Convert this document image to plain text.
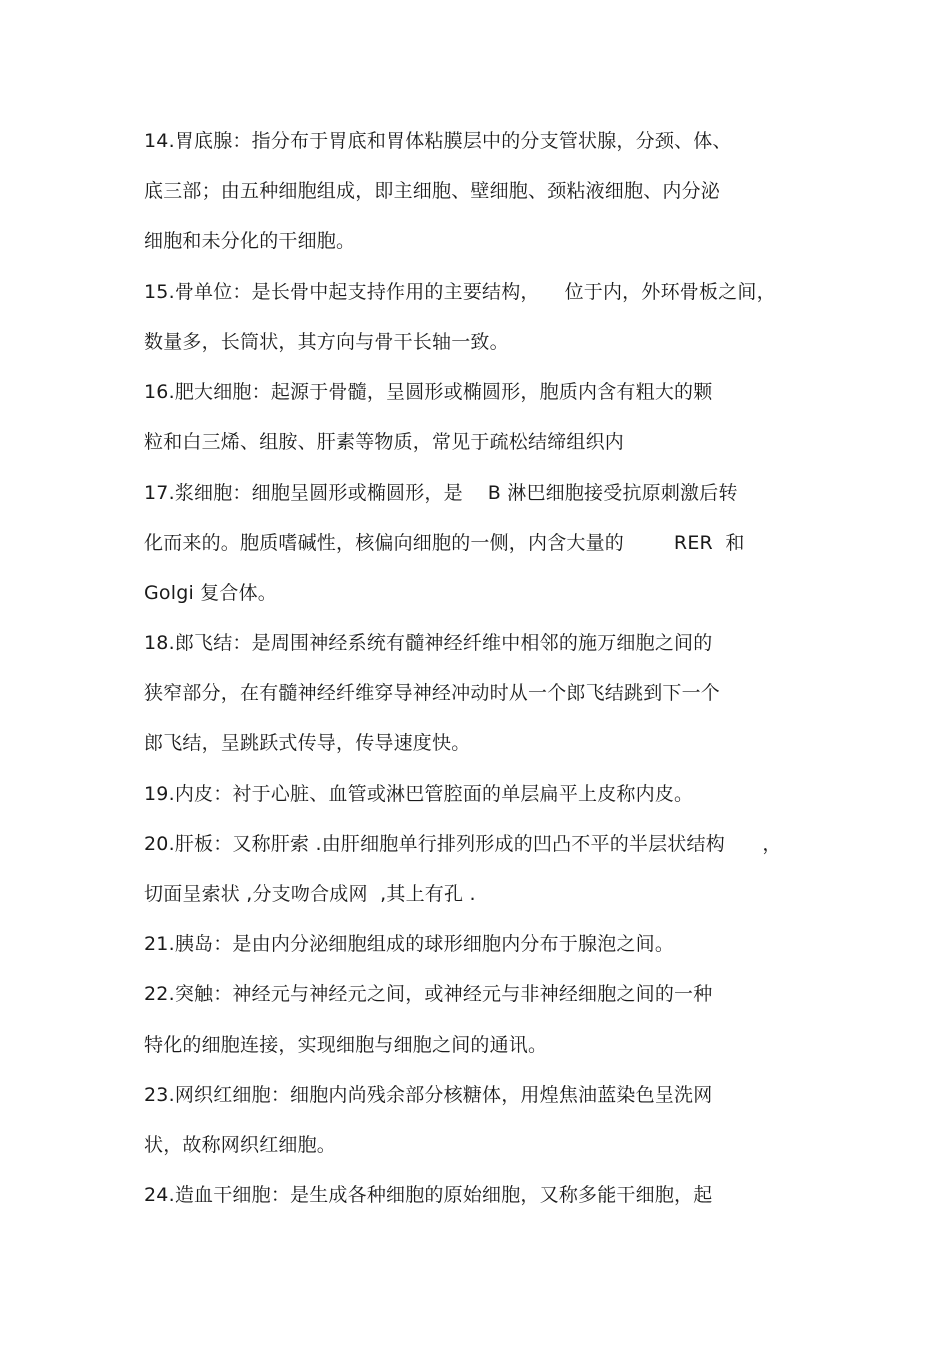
14.胃底腺：指分布于胃底和胃体粘膜层中的分支管状腺，分颈、体、
底三部；由五种细胞组成，即主细胞、壁细胞、颈粘液细胞、内分泌
细胞和未分化的干细胞。
15.骨单位：是长骨中起支持作用的主要结构，    位于内，外环骨板之间，
数量多，长筒状，其方向与骨干长轴一致。
16.肥大细胞：起源于骨髓，呈圆形或椭圆形，胞质内含有粗大的颗
粒和白三烯、组胺、肝素等物质，常见于疏松结缔组织内
17.浆细胞：细胞呈圆形或椭圆形，是    B 淋巴细胞接受抗原刺激后转
化而来的。胞质嗜碱性，核偏向细胞的一侧，内含大量的        RER  和
Golgi 复合体。
18.郎飞结：是周围神经系统有髓神经纤维中相邻的施万细胞之间的
狭窄部分，在有髓神经纤维穿导神经冲动时从一个郎飞结跳到下一个
郎飞结，呈跳跃式传导，传导速度快。
19.内皮：衬于心脏、血管或淋巴管腔面的单层扁平上皮称内皮。
20.肝板：又称肝索 .由肝细胞单行排列形成的凹凸不平的半层状结构      ，
切面呈索状 ,分支吻合成网  ,其上有孔 .
21.胰岛：是由内分泌细胞组成的球形细胞内分布于腺泡之间。
22.突触：神经元与神经元之间，或神经元与非神经细胞之间的一种
特化的细胞连接，实现细胞与细胞之间的通讯。
23.网织红细胞：细胞内尚残余部分核糖体，用煌焦油蓝染色呈洗网
状，故称网织红细胞。
24.造血干细胞：是生成各种细胞的原始细胞，又称多能干细胞，起
